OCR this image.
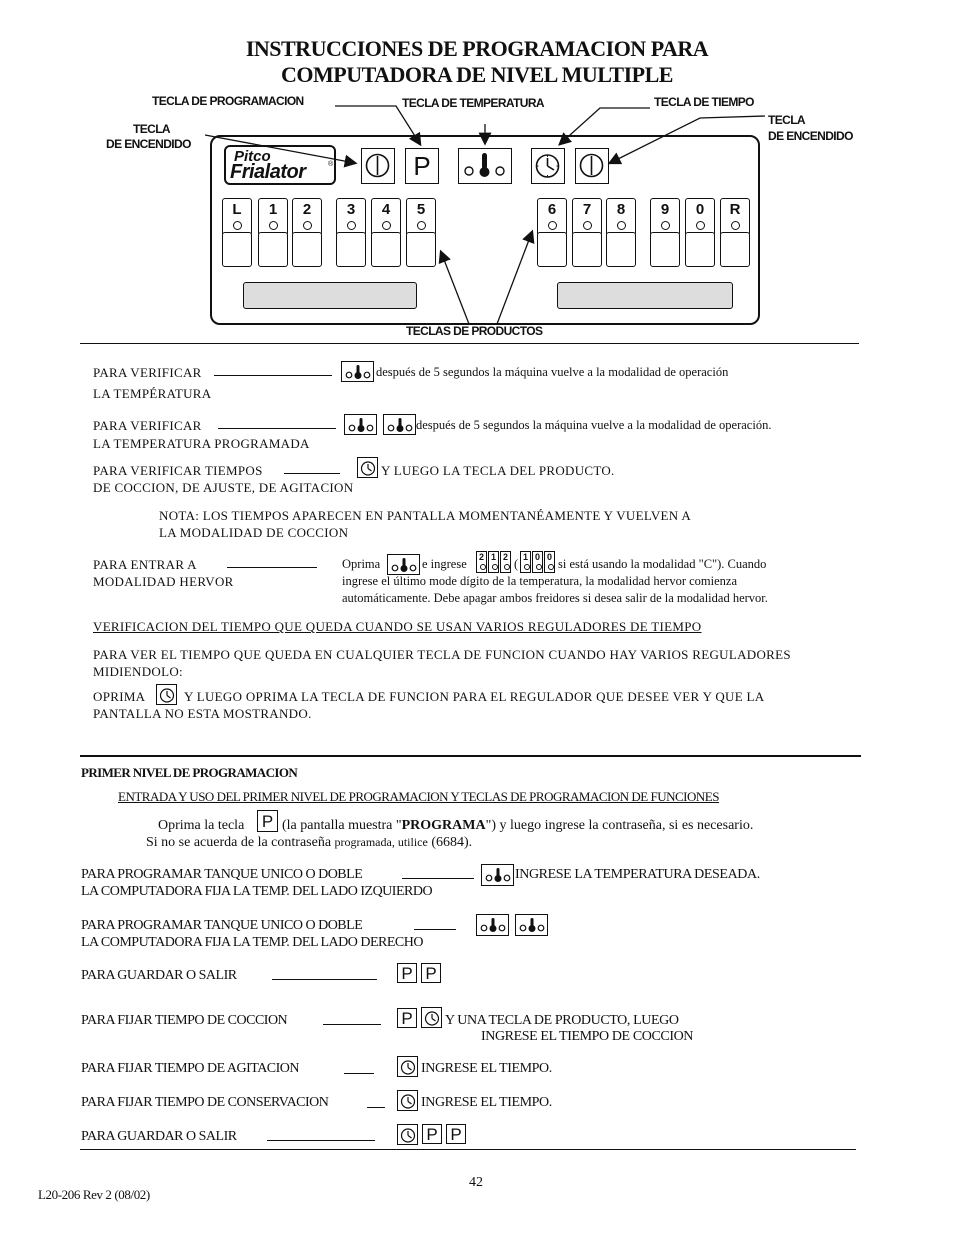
INSTRUCCIONES DE PROGRAMACION PARA
COMPUTADORA DE NIVEL MULTIPLE
TECLA DE PROGRAMACION	TECLA DE TEMPERATURA	TECLA DE TIEMPO
TECLA
DE ENCENDIDO
TECLA
DE ENCENDIDO
Pitco
Frialator	®	P
L	1	2	3	4	5	6	7	8	9	0	R
TECLAS DE PRODUCTOS
PARA VERIFICAR
LA TEMPÉRATURA
después de 5 segundos la máquina vuelve a la modalidad de operación
PARA VERIFICAR
LA TEMPERATURA PROGRAMADA
después de 5 segundos la máquina vuelve a la modalidad de operación.
PARA VERIFICAR TIEMPOS
DE COCCION, DE AJUSTE, DE AGITACION
Y LUEGO LA TECLA DEL PRODUCTO.
NOTA: LOS TIEMPOS APARECEN EN PANTALLA MOMENTANÉAMENTE Y VUELVEN A
LA MODALIDAD DE COCCION
PARA ENTRAR A
MODALIDAD HERVOR
Oprima	e ingrese 2 1 2 ( 1 0 0 si está usando la modalidad "C"). Cuando
ingrese el último mode dígito de la temperatura, la modalidad hervor comienza
automáticamente. Debe apagar ambos freidores si desea salir de la modalidad hervor.
VERIFICACION DEL TIEMPO QUE QUEDA CUANDO SE USAN VARIOS REGULADORES DE TIEMPO
PARA VER EL TIEMPO QUE QUEDA EN CUALQUIER TECLA DE FUNCION CUANDO HAY VARIOS REGULADORES
MIDIENDOLO:
OPRIMA	Y LUEGO OPRIMA LA TECLA DE FUNCION PARA EL REGULADOR QUE DESEE VER Y QUE LA
PANTALLA NO ESTA MOSTRANDO.
PRIMER NIVEL DE PROGRAMACION
ENTRADA Y USO DEL PRIMER NIVEL DE PROGRAMACION Y TECLAS DE PROGRAMACION DE FUNCIONES
Oprima la tecla P (la pantalla muestra "PROGRAMA") y luego ingrese la contraseña, si es necesario.
Si no se acuerda de la contraseña programada, utilice (6684).
PARA PROGRAMAR TANQUE UNICO O DOBLE
LA COMPUTADORA FIJA LA TEMP. DEL LADO IZQUIERDO
INGRESE LA TEMPERATURA DESEADA.
PARA PROGRAMAR TANQUE UNICO O DOBLE
LA COMPUTADORA FIJA LA TEMP. DEL LADO DERECHO
PARA GUARDAR O SALIR	P P
PARA FIJAR TIEMPO DE COCCION	P Y UNA TECLA DE PRODUCTO, LUEGO
INGRESE EL TIEMPO DE COCCION
PARA FIJAR TIEMPO DE AGITACION	INGRESE EL TIEMPO.
PARA FIJAR TIEMPO DE CONSERVACION	INGRESE EL TIEMPO.
PARA GUARDAR O SALIR	P P
42
L20-206 Rev 2 (08/02)
